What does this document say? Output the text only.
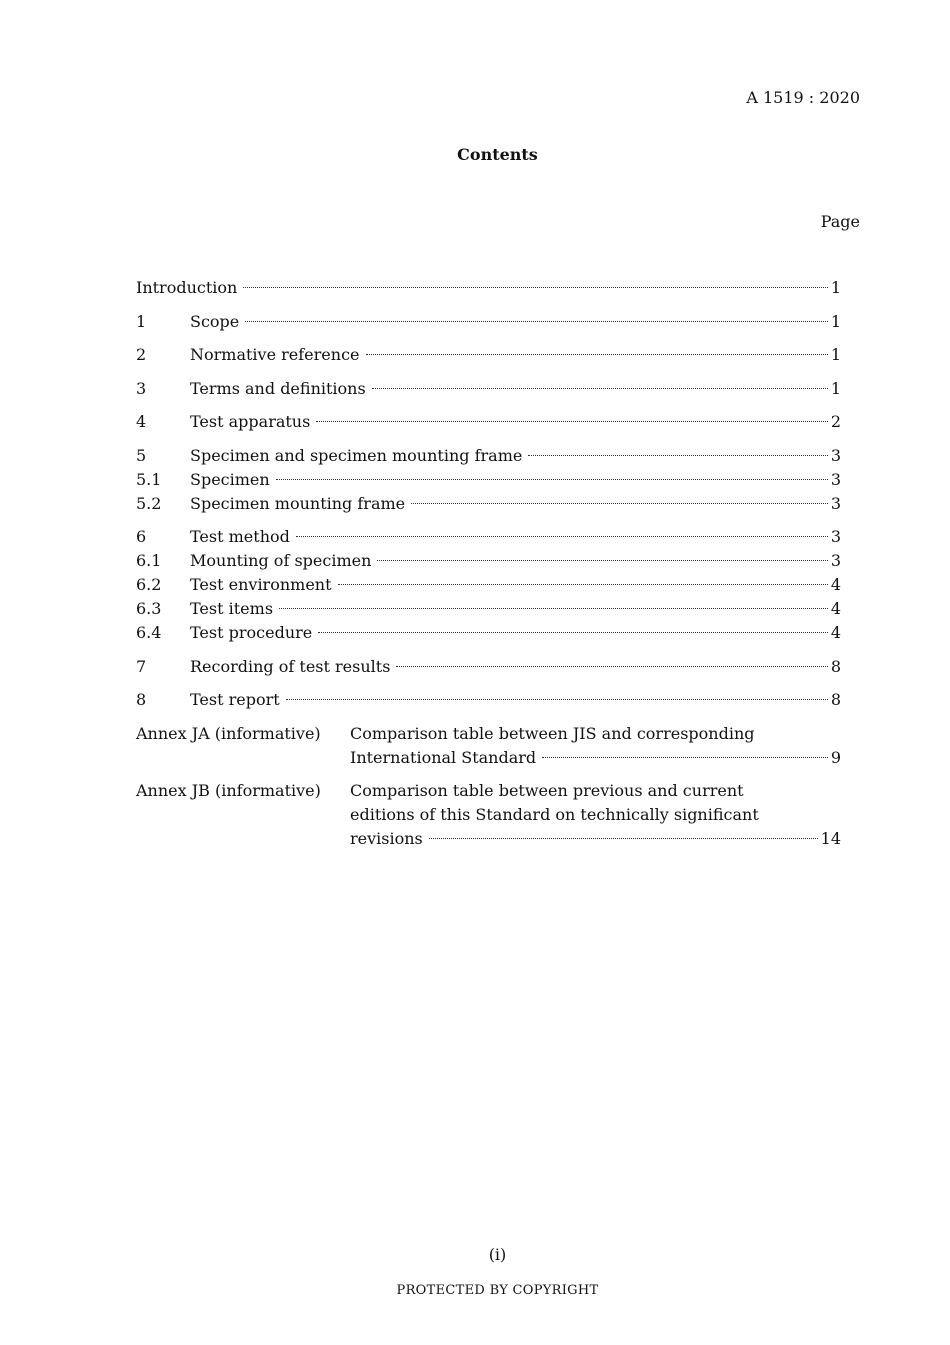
A 1519 : 2020
Contents
Page
Introduction	1
1	Scope	1
2	Normative reference	1
3	Terms and definitions	1
4	Test apparatus	2
5	Specimen and specimen mounting frame	3
5.1	Specimen	3
5.2	Specimen mounting frame	3
6	Test method	3
6.1	Mounting of specimen	3
6.2	Test environment	4
6.3	Test items	4
6.4	Test procedure	4
7	Recording of test results	8
8	Test report	8
Annex JA (informative)	Comparison table between JIS and corresponding
International Standard	9
Annex JB (informative)	Comparison table between previous and current
editions of this Standard on technically significant
revisions	14
(i)
PROTECTED BY COPYRIGHT
